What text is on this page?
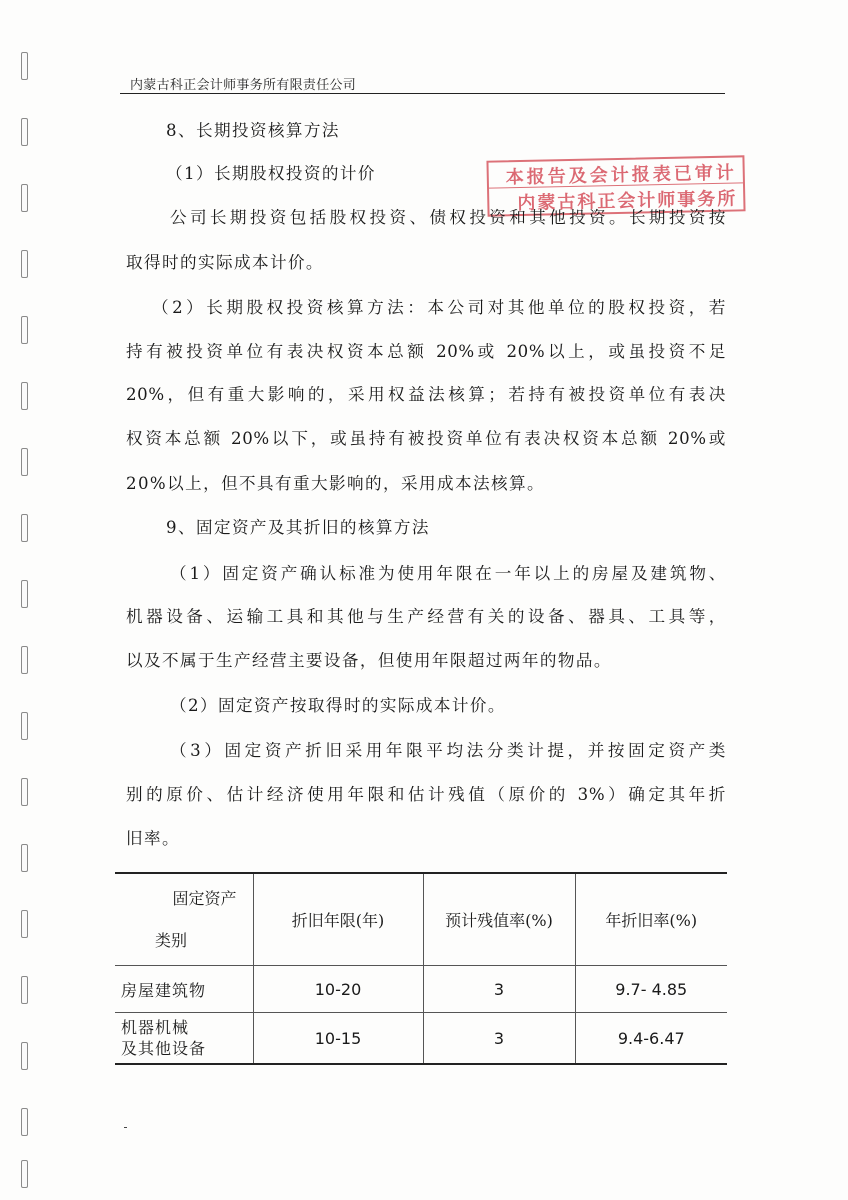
内蒙古科正会计师事务所有限责任公司
本报告及会计报表已审计
内蒙古科正会计师事务所
8、长期投资核算方法
（1）长期股权投资的计价
公司长期投资包括股权投资、债权投资和其他投资。长期投资按
取得时的实际成本计价。
（2）长期股权投资核算方法：本公司对其他单位的股权投资，若
持有被投资单位有表决权资本总额 20%或 20%以上，或虽投资不足
20%，但有重大影响的，采用权益法核算；若持有被投资单位有表决
权资本总额 20%以下，或虽持有被投资单位有表决权资本总额 20%或
20%以上，但不具有重大影响的，采用成本法核算。
9、固定资产及其折旧的核算方法
（1）固定资产确认标准为使用年限在一年以上的房屋及建筑物、
机器设备、运输工具和其他与生产经营有关的设备、器具、工具等，
以及不属于生产经营主要设备，但使用年限超过两年的物品。
（2）固定资产按取得时的实际成本计价。
（3）固定资产折旧采用年限平均法分类计提，并按固定资产类
别的原价、估计经济使用年限和估计残值（原价的 3%）确定其年折
旧率。
固定资产
类别	折旧年限(年)	预计残值率(%)	年折旧率(%)
房屋建筑物	10-20	3	9.7- 4.85

机器机械
及其他设备	10-15	3	9.4-6.47
